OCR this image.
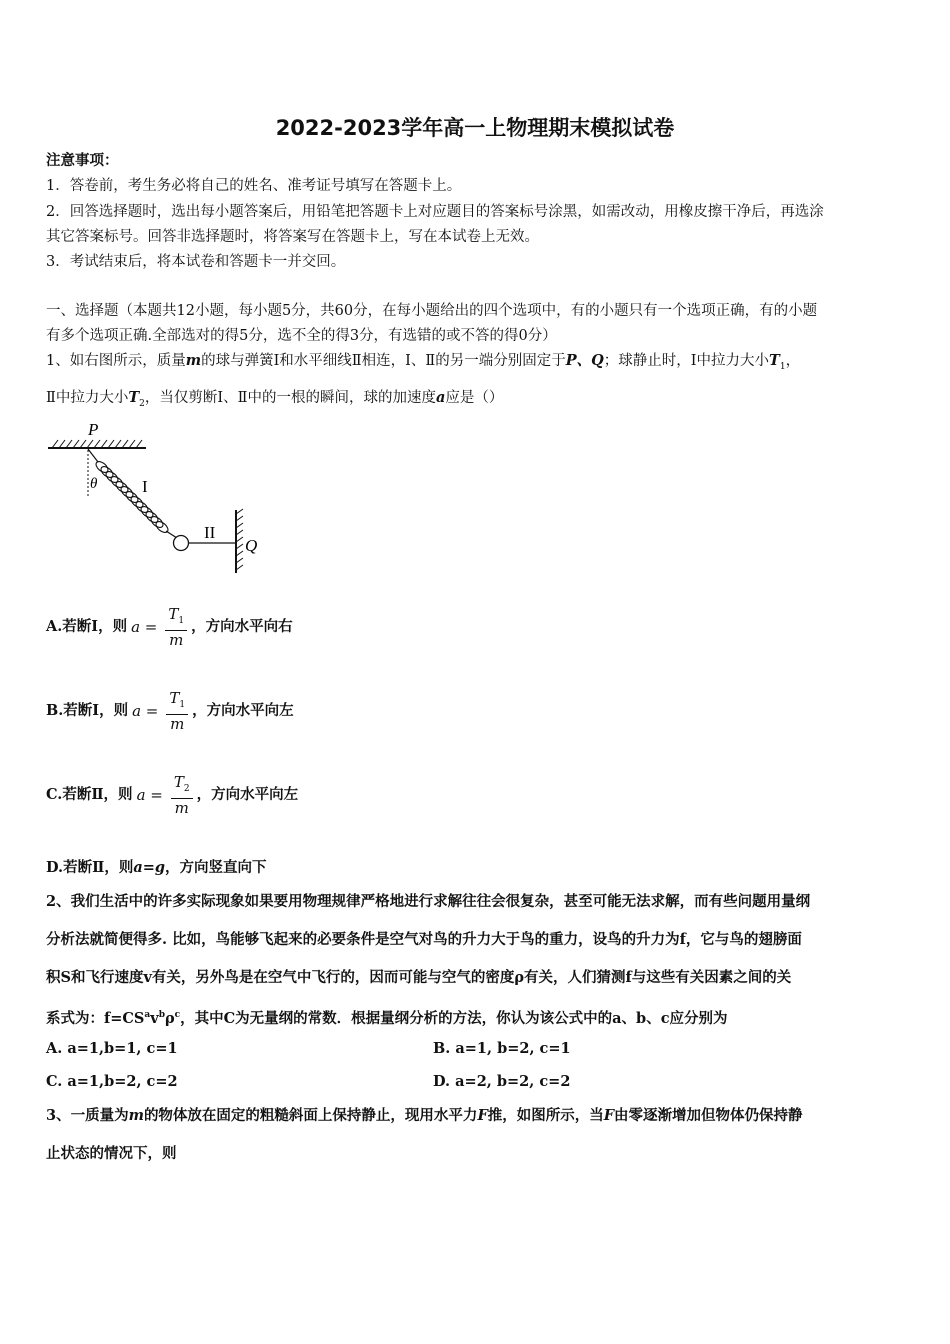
2022-2023学年高一上物理期末模拟试卷
注意事项：
1．答卷前，考生务必将自己的姓名、准考证号填写在答题卡上。
2．回答选择题时，选出每小题答案后，用铅笔把答题卡上对应题目的答案标号涂黑，如需改动，用橡皮擦干净后，再选涂
其它答案标号。回答非选择题时，将答案写在答题卡上，写在本试卷上无效。
3．考试结束后，将本试卷和答题卡一并交回。
一、选择题（本题共12小题，每小题5分，共60分，在每小题给出的四个选项中，有的小题只有一个选项正确，有的小题
有多个选项正确.全部选对的得5分，选不全的得3分，有选错的或不答的得0分）
1、如右图所示，质量m的球与弹簧Ⅰ和水平细线Ⅱ相连，Ⅰ、Ⅱ的另一端分别固定于P、Q；球静止时，Ⅰ中拉力大小$T_1$，
Ⅱ中拉力大小$T_2$，当仅剪断Ⅰ、Ⅱ中的一根的瞬间，球的加速度a应是（）
P
θ	I
II
Q
A.若断Ⅰ，则 $a = \frac{T_1}{m}$ ，方向水平向右
B.若断Ⅰ，则 $a = \frac{T_1}{m}$ ，方向水平向左
C.若断Ⅱ，则 $a = \frac{T_2}{m}$ ，方向水平向左
D.若断Ⅱ，则a=g，方向竖直向下
2、我们生活中的许多实际现象如果要用物理规律严格地进行求解往往会很复杂，甚至可能无法求解，而有些问题用量纲
分析法就简便得多. 比如，鸟能够飞起来的必要条件是空气对鸟的升力大于鸟的重力，设鸟的升力为f，它与鸟的翅膀面
积S和飞行速度v有关，另外鸟是在空气中飞行的，因而可能与空气的密度ρ有关，人们猜测f与这些有关因素之间的关
系式为：$f=CS^av^b\rho^c$，其中C为无量纲的常数．根据量纲分析的方法，你认为该公式中的a、b、c应分别为
A. a=1,b=1, c=1	B. a=1, b=2, c=1
C. a=1,b=2, c=2	D. a=2, b=2, c=2
3、一质量为m的物体放在固定的粗糙斜面上保持静止，现用水平力F推，如图所示，当F由零逐渐增加但物体仍保持静
止状态的情况下，则
